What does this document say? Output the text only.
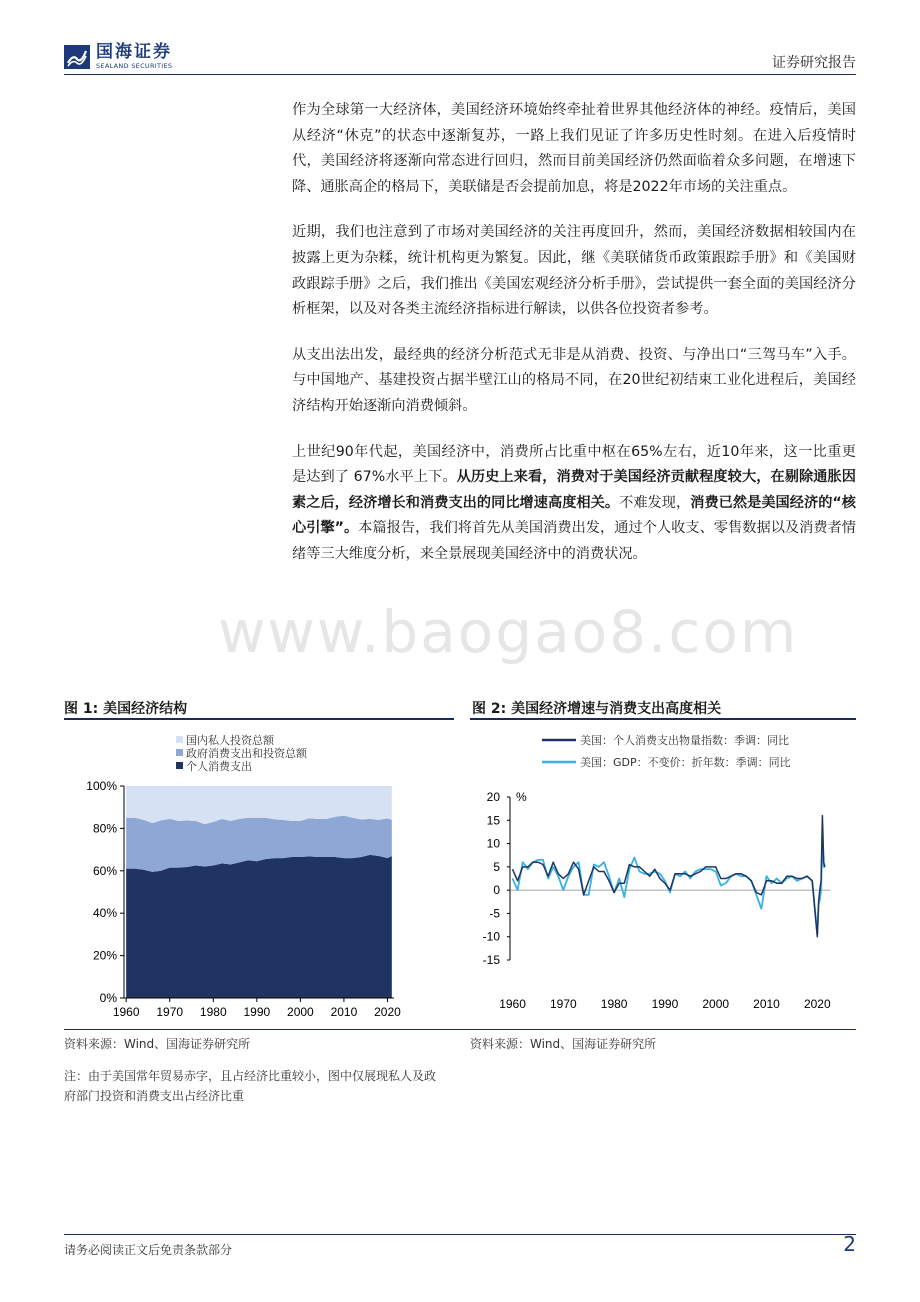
国海证券
SEALAND SECURITIES	证券研究报告

作为全球第一大经济体，美国经济环境始终牵扯着世界其他经济体的神经。疫情后，美国从经济“休克”的状态中逐渐复苏，一路上我们见证了许多历史性时刻。在进入后疫情时代，美国经济将逐渐向常态进行回归，然而目前美国经济仍然面临着众多问题，在增速下降、通胀高企的格局下，美联储是否会提前加息，将是2022年市场的关注重点。

近期，我们也注意到了市场对美国经济的关注再度回升，然而，美国经济数据相较国内在披露上更为杂糅，统计机构更为繁复。因此，继《美联储货币政策跟踪手册》和《美国财政跟踪手册》之后，我们推出《美国宏观经济分析手册》，尝试提供一套全面的美国经济分析框架，以及对各类主流经济指标进行解读，以供各位投资者参考。

从支出法出发，最经典的经济分析范式无非是从消费、投资、与净出口“三驾马车”入手。与中国地产、基建投资占据半壁江山的格局不同，在20世纪初结束工业化进程后，美国经济结构开始逐渐向消费倾斜。

上世纪90年代起，美国经济中，消费所占比重中枢在65%左右，近10年来，这一比重更是达到了 67%水平上下。从历史上来看，消费对于美国经济贡献程度较大，在剔除通胀因素之后，经济增长和消费支出的同比增速高度相关。不难发现，消费已然是美国经济的“核心引擎”。本篇报告，我们将首先从美国消费出发，通过个人收支、零售数据以及消费者情绪等三大维度分析，来全景展现美国经济中的消费状况。

www.baogao8.com
图 1: 美国经济结构	图 2: 美国经济增速与消费支出高度相关
0%
20%
40%
60%
80%
100%
1960 1970 1980 1990 2000 2010 2020
国内私人投资总额
政府消费支出和投资总额
个人消费支出
%
20
15
10
5
0
-5
-10
-15
1960 1970 1980 1990 2000 2010 2020
美国：个人消费支出物量指数：季调：同比
美国：GDP：不变价：折年数：季调：同比
资料来源：Wind、国海证券研究所	资料来源：Wind、国海证券研究所
注：由于美国常年贸易赤字，且占经济比重较小，图中仅展现私人及政府部门投资和消费支出占经济比重
请务必阅读正文后免责条款部分	2
